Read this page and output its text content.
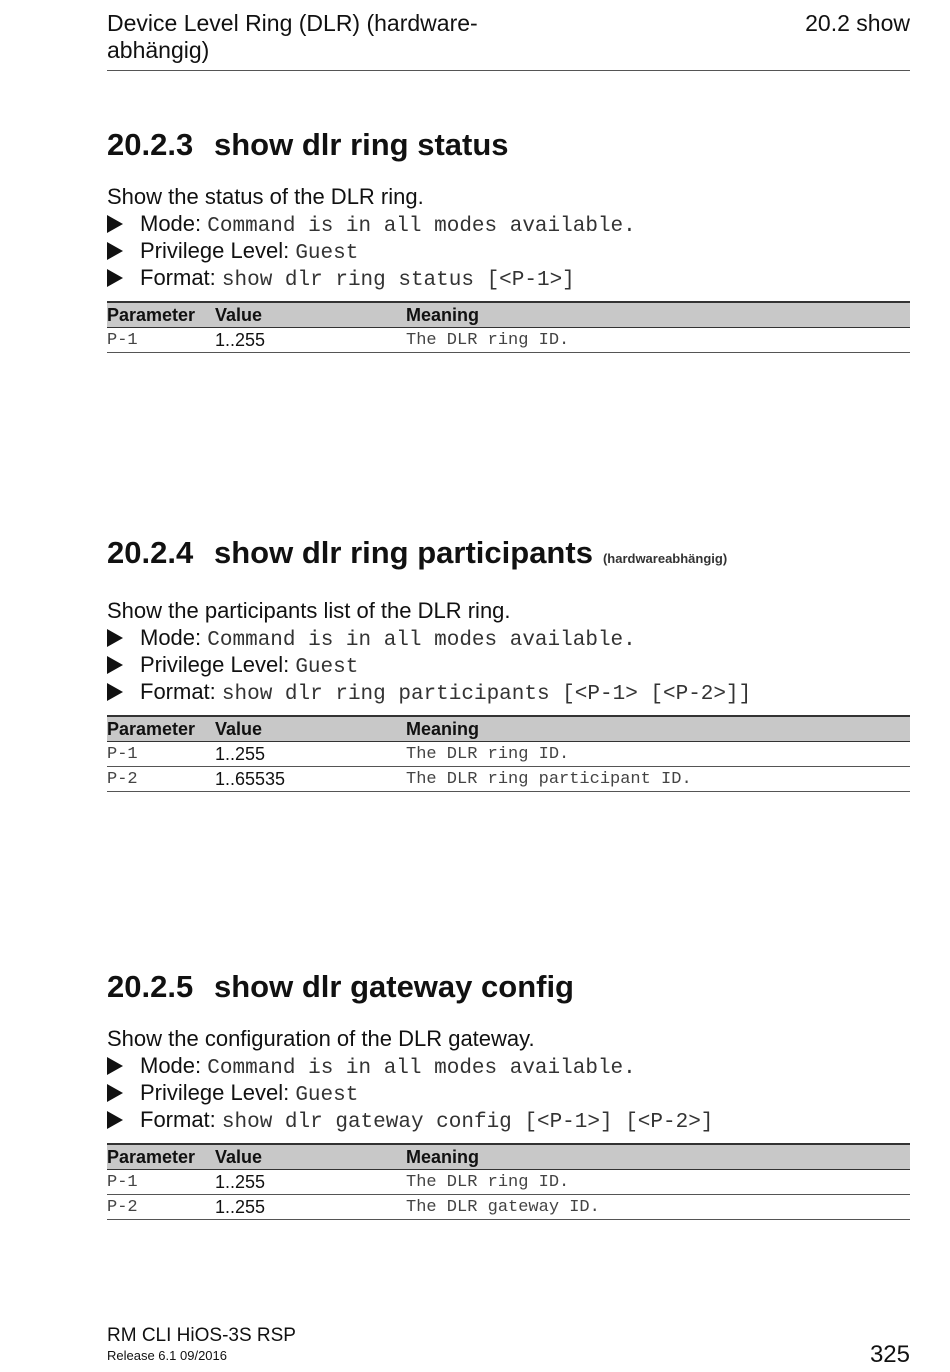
Device Level Ring (DLR) (hardware-abhängig)
20.2 show
20.2.3 show dlr ring status
Show the status of the DLR ring.
Mode: Command is in all modes available.
Privilege Level: Guest
Format: show dlr ring status [<P-1>]
Parameter	Value	Meaning
P-1	1..255	The DLR ring ID.
20.2.4 show dlr ring participants (hardwareabhängig)
Show the participants list of the DLR ring.
Mode: Command is in all modes available.
Privilege Level: Guest
Format: show dlr ring participants [<P-1> [<P-2>]]
Parameter	Value	Meaning
P-1	1..255	The DLR ring ID.
P-2	1..65535	The DLR ring participant ID.
20.2.5 show dlr gateway config
Show the configuration of the DLR gateway.
Mode: Command is in all modes available.
Privilege Level: Guest
Format: show dlr gateway config [<P-1>] [<P-2>]
Parameter	Value	Meaning
P-1	1..255	The DLR ring ID.
P-2	1..255	The DLR gateway ID.
RM CLI HiOS-3S RSP
Release 6.1 09/2016	325
